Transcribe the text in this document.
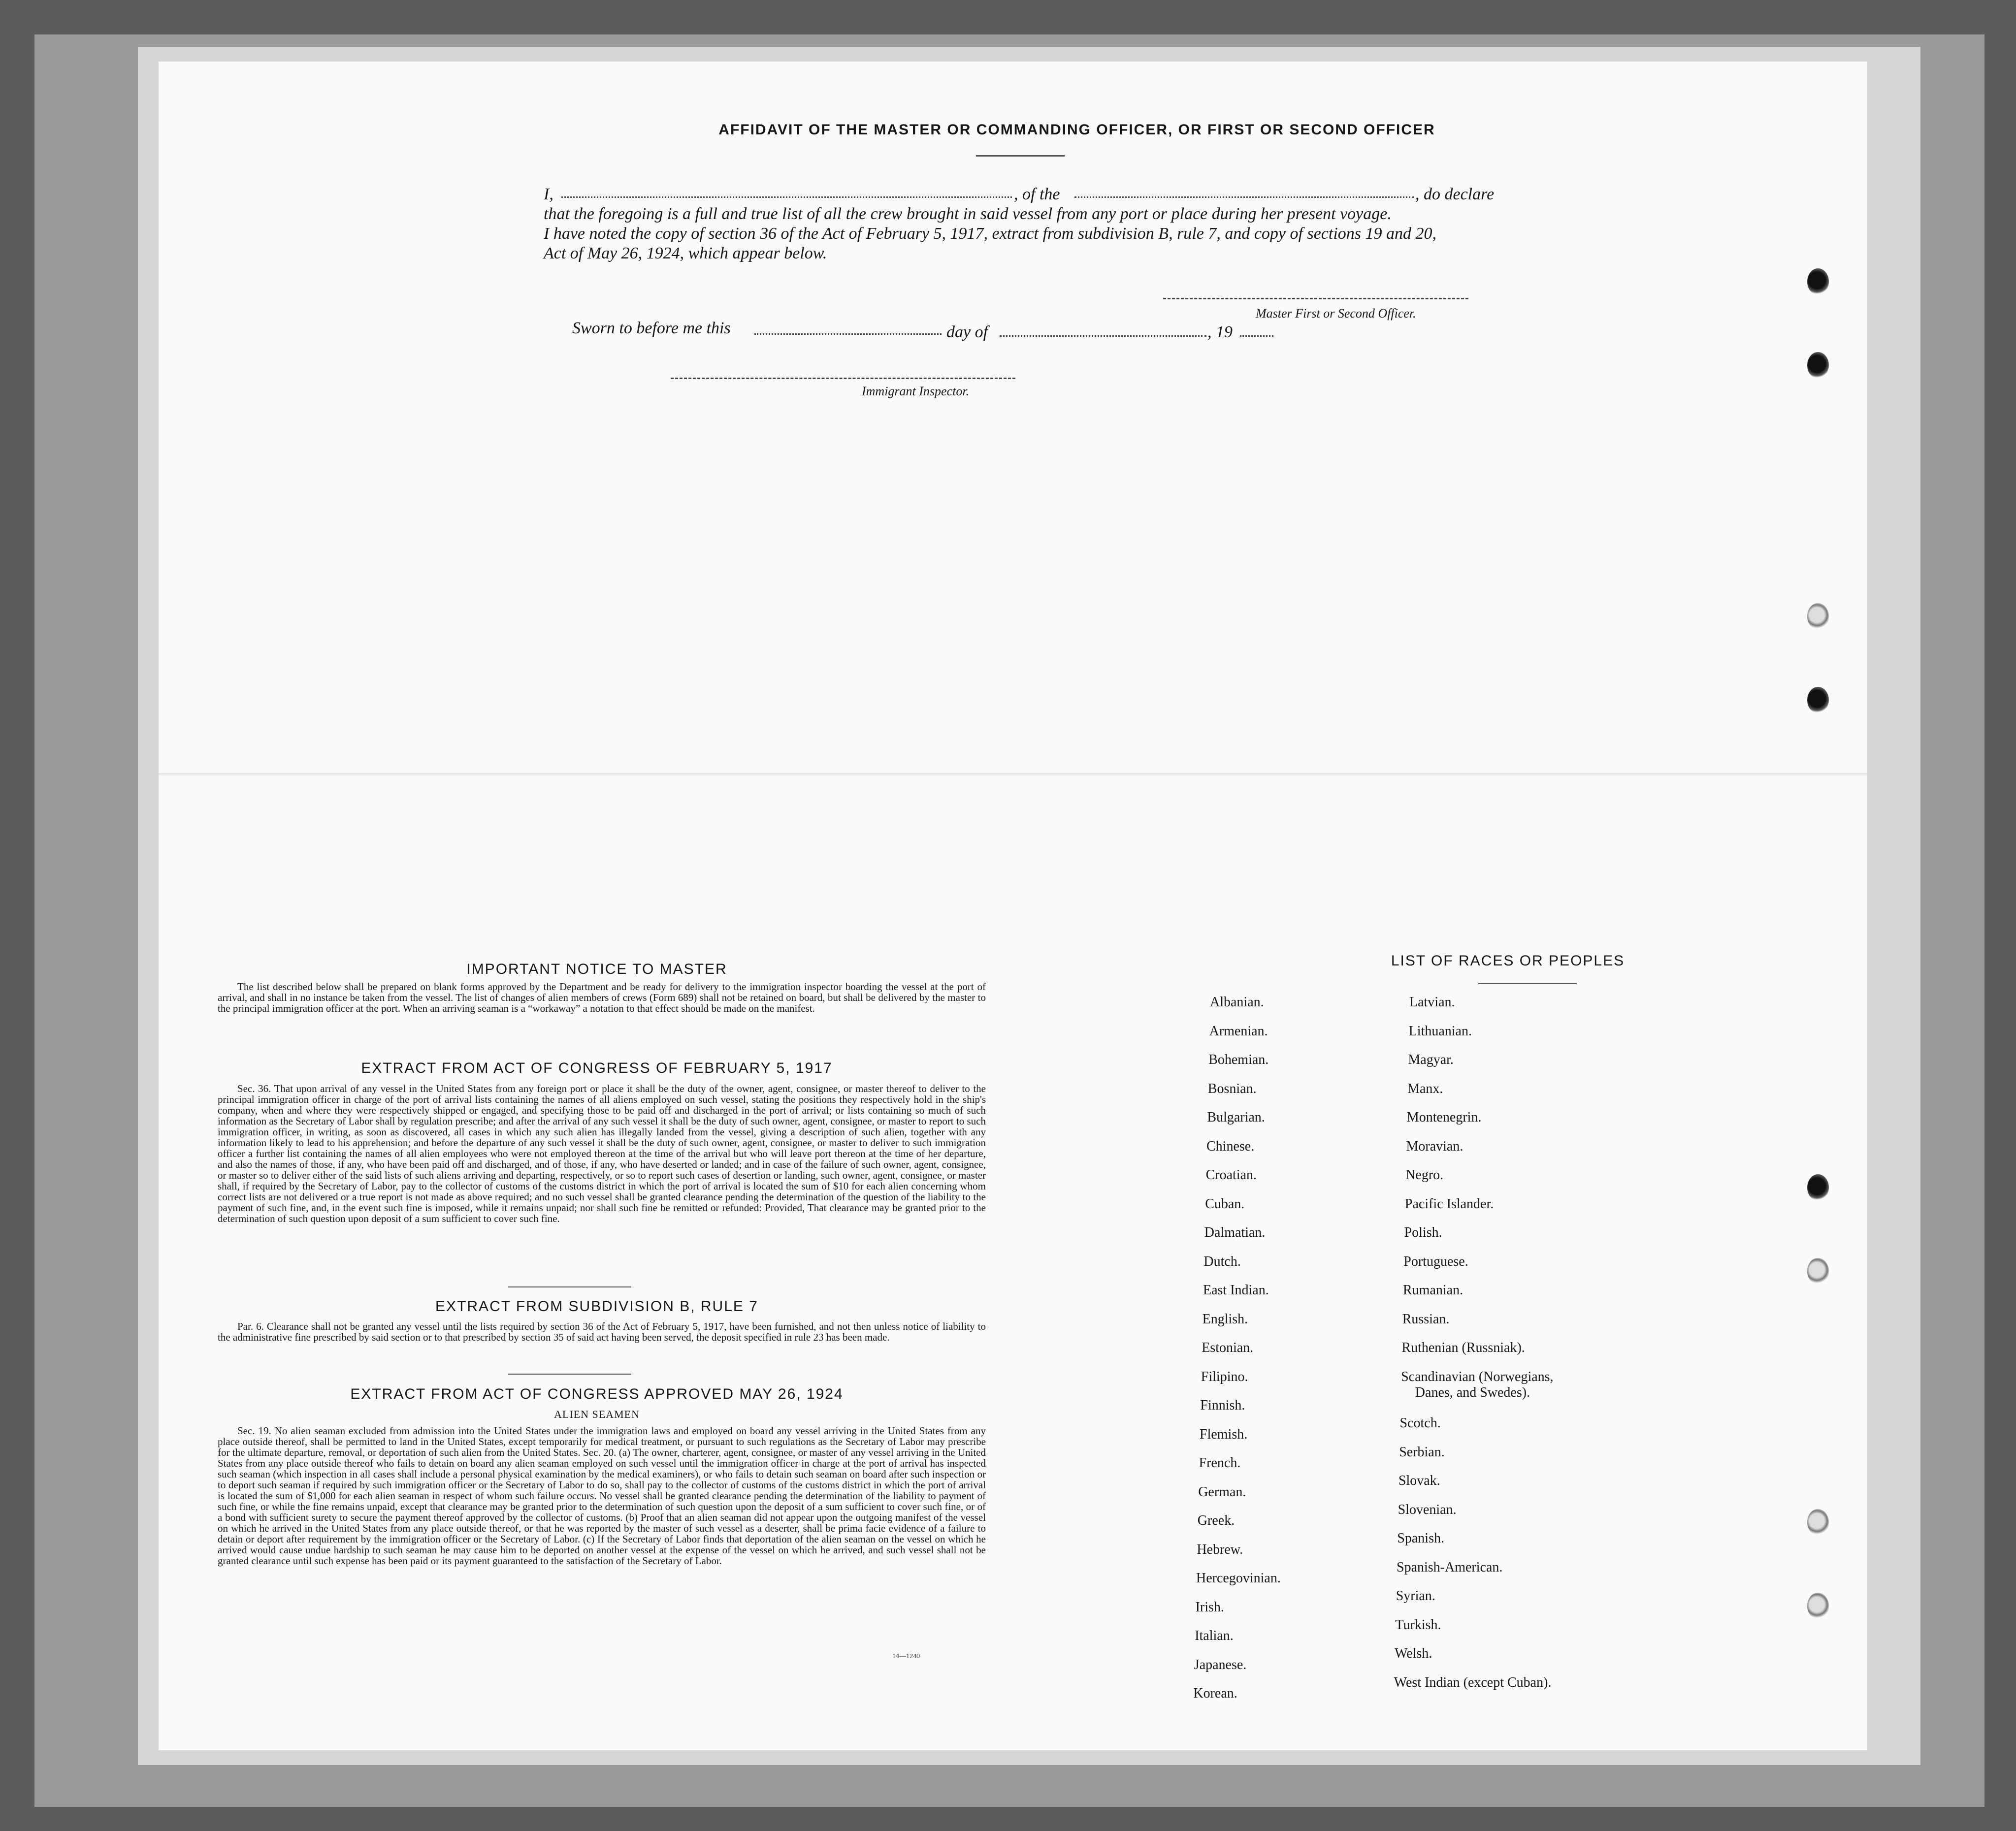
AFFIDAVIT OF THE MASTER OR COMMANDING OFFICER, OR FIRST OR SECOND OFFICER
I,	, of the	, do declare
that the foregoing is a full and true list of all the crew brought in said vessel from any port or place during her present voyage.
I have noted the copy of section 36 of the Act of February 5, 1917, extract from subdivision B, rule 7, and copy of sections 19 and 20,
Act of May 26, 1924, which appear below.
Master First or Second Officer.
Sworn to before me this	day of	, 19
Immigrant Inspector.
IMPORTANT NOTICE TO MASTER
The list described below shall be prepared on blank forms approved by the Department and be ready for delivery to the immigration inspector boarding the vessel at the port of arrival, and shall in no instance be taken from the vessel. The list of changes of alien members of crews (Form 689) shall not be retained on board, but shall be delivered by the master to the principal immigration officer at the port. When an arriving seaman is a “workaway” a notation to that effect should be made on the manifest.
EXTRACT FROM ACT OF CONGRESS OF FEBRUARY 5, 1917
Sec. 36. That upon arrival of any vessel in the United States from any foreign port or place it shall be the duty of the owner, agent, consignee, or master thereof to deliver to the principal immigration officer in charge of the port of arrival lists containing the names of all aliens employed on such vessel, stating the positions they respectively hold in the ship's company, when and where they were respectively shipped or engaged, and specifying those to be paid off and discharged in the port of arrival; or lists containing so much of such information as the Secretary of Labor shall by regulation prescribe; and after the arrival of any such vessel it shall be the duty of such owner, agent, consignee, or master to report to such immigration officer, in writing, as soon as discovered, all cases in which any such alien has illegally landed from the vessel, giving a description of such alien, together with any information likely to lead to his apprehension; and before the departure of any such vessel it shall be the duty of such owner, agent, consignee, or master to deliver to such immigration officer a further list containing the names of all alien employees who were not employed thereon at the time of the arrival but who will leave port thereon at the time of her departure, and also the names of those, if any, who have been paid off and discharged, and of those, if any, who have deserted or landed; and in case of the failure of such owner, agent, consignee, or master so to deliver either of the said lists of such aliens arriving and departing, respectively, or so to report such cases of desertion or landing, such owner, agent, consignee, or master shall, if required by the Secretary of Labor, pay to the collector of customs of the customs district in which the port of arrival is located the sum of $10 for each alien concerning whom correct lists are not delivered or a true report is not made as above required; and no such vessel shall be granted clearance pending the determination of the question of the liability to the payment of such fine, and, in the event such fine is imposed, while it remains unpaid; nor shall such fine be remitted or refunded: Provided, That clearance may be granted prior to the determination of such question upon deposit of a sum sufficient to cover such fine.
EXTRACT FROM SUBDIVISION B, RULE 7
Par. 6. Clearance shall not be granted any vessel until the lists required by section 36 of the Act of February 5, 1917, have been furnished, and not then unless notice of liability to the administrative fine prescribed by said section or to that prescribed by section 35 of said act having been served, the deposit specified in rule 23 has been made.
EXTRACT FROM ACT OF CONGRESS APPROVED MAY 26, 1924
ALIEN SEAMEN
Sec. 19. No alien seaman excluded from admission into the United States under the immigration laws and employed on board any vessel arriving in the United States from any place outside thereof, shall be permitted to land in the United States, except temporarily for medical treatment, or pursuant to such regulations as the Secretary of Labor may prescribe for the ultimate departure, removal, or deportation of such alien from the United States. Sec. 20. (a) The owner, charterer, agent, consignee, or master of any vessel arriving in the United States from any place outside thereof who fails to detain on board any alien seaman employed on such vessel until the immigration officer in charge at the port of arrival has inspected such seaman (which inspection in all cases shall include a personal physical examination by the medical examiners), or who fails to detain such seaman on board after such inspection or to deport such seaman if required by such immigration officer or the Secretary of Labor to do so, shall pay to the collector of customs of the customs district in which the port of arrival is located the sum of $1,000 for each alien seaman in respect of whom such failure occurs. No vessel shall be granted clearance pending the determination of the liability to payment of such fine, or while the fine remains unpaid, except that clearance may be granted prior to the determination of such question upon the deposit of a sum sufficient to cover such fine, or of a bond with sufficient surety to secure the payment thereof approved by the collector of customs. (b) Proof that an alien seaman did not appear upon the outgoing manifest of the vessel on which he arrived in the United States from any place outside thereof, or that he was reported by the master of such vessel as a deserter, shall be prima facie evidence of a failure to detain or deport after requirement by the immigration officer or the Secretary of Labor. (c) If the Secretary of Labor finds that deportation of the alien seaman on the vessel on which he arrived would cause undue hardship to such seaman he may cause him to be deported on another vessel at the expense of the vessel on which he arrived, and such vessel shall not be granted clearance until such expense has been paid or its payment guaranteed to the satisfaction of the Secretary of Labor.
14—1240
LIST OF RACES OR PEOPLES
Albanian.
Armenian.
Bohemian.
Bosnian.
Bulgarian.
Chinese.
Croatian.
Cuban.
Dalmatian.
Dutch.
East Indian.
English.
Estonian.
Filipino.
Finnish.
Flemish.
French.
German.
Greek.
Hebrew.
Hercegovinian.
Irish.
Italian.
Japanese.
Korean.
Latvian.
Lithuanian.
Magyar.
Manx.
Montenegrin.
Moravian.
Negro.
Pacific Islander.
Polish.
Portuguese.
Rumanian.
Russian.
Ruthenian (Russniak).
Scandinavian (Norwegians,
Danes, and Swedes).
Scotch.
Serbian.
Slovak.
Slovenian.
Spanish.
Spanish-American.
Syrian.
Turkish.
Welsh.
West Indian (except Cuban).
